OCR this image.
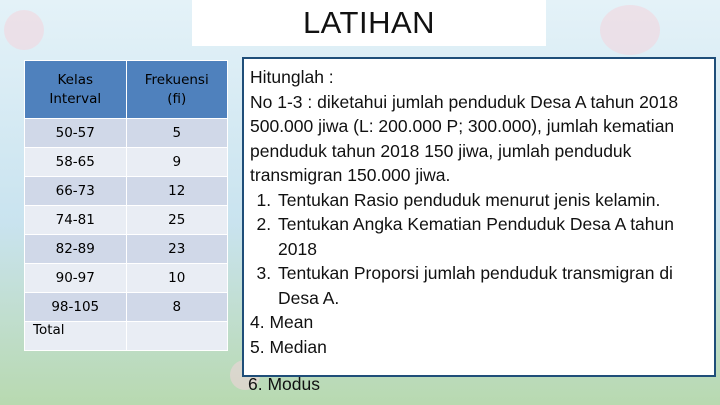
LATIHAN
Kelas Interval	Frekuensi (fi)
50-57	5
58-65	9
66-73	12
74-81	25
82-89	23
90-97	10
98-105	8
Total	

Hitunglah :

No 1-3 : diketahui jumlah penduduk Desa A tahun 2018 500.000 jiwa (L: 200.000 P; 300.000), jumlah kematian penduduk tahun 2018 150 jiwa, jumlah penduduk transmigran 150.000 jiwa.

1. Tentukan Rasio penduduk menurut jenis kelamin.
2. Tentukan Angka Kematian Penduduk Desa A tahun 2018
3. Tentukan Proporsi jumlah penduduk transmigran di Desa A.

4. Mean

5. Median

6. Modus
